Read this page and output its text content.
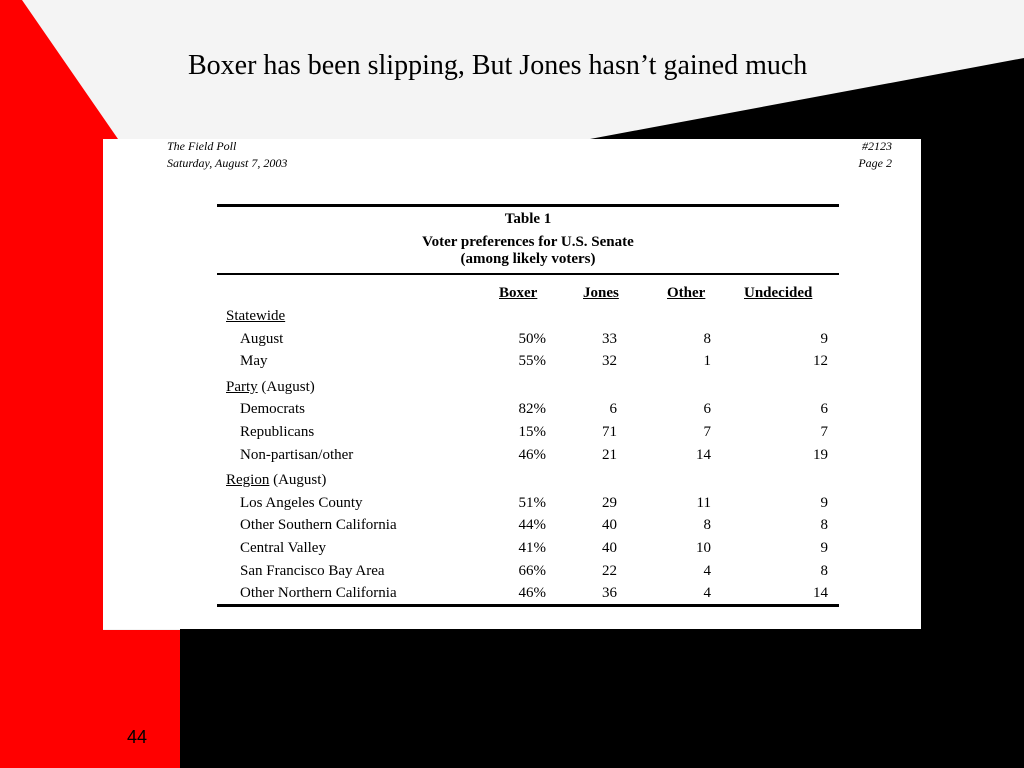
Boxer has been slipping, But Jones hasn’t gained much
The Field Poll
Saturday, August 7, 2003
#2123
Page 2
Table 1
Voter preferences for U.S. Senate
(among likely voters)
Boxer	Jones	Other	Undecided
Statewide
August	50%	33	8	9
May	55%	32	1	12
Party (August)
Democrats	82%	6	6	6
Republicans	15%	71	7	7
Non-partisan/other	46%	21	14	19
Region (August)
Los Angeles County	51%	29	11	9
Other Southern California	44%	40	8	8
Central Valley	41%	40	10	9
San Francisco Bay Area	66%	22	4	8
Other Northern California	46%	36	4	14
44
